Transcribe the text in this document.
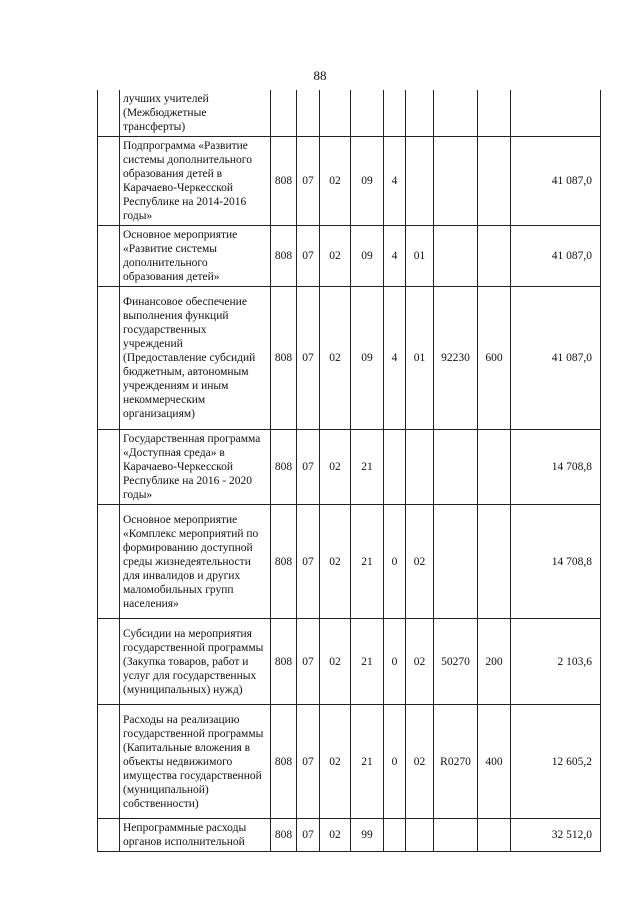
88
	лучших учителей (Межбюджетные трансферты)									
	Подпрограмма «Развитие системы дополнительного образования детей в Карачаево-Черкесской Республике на 2014-2016 годы»	808	07	02	09	4				41 087,0
	Основное мероприятие «Развитие системы дополнительного образования детей»	808	07	02	09	4	01			41 087,0
	Финансовое обеспечение выполнения функций государственных учреждений (Предоставление субсидий бюджетным, автономным учреждениям и иным некоммерческим организациям)	808	07	02	09	4	01	92230	600	41 087,0
	Государственная программа «Доступная среда» в Карачаево-Черкесской Республике на 2016 - 2020 годы»	808	07	02	21					14 708,8
	Основное мероприятие «Комплекс мероприятий по формированию доступной среды жизнедеятельности для инвалидов и других маломобильных групп населения»	808	07	02	21	0	02			14 708,8
	Субсидии на мероприятия государственной программы (Закупка товаров, работ и услуг для государственных (муниципальных) нужд)	808	07	02	21	0	02	50270	200	2 103,6
	Расходы на реализацию государственной программы (Капитальные вложения в объекты недвижимого имущества государственной (муниципальной) собственности)	808	07	02	21	0	02	R0270	400	12 605,2
	Непрограммные расходы органов исполнительной	808	07	02	99					32 512,0
